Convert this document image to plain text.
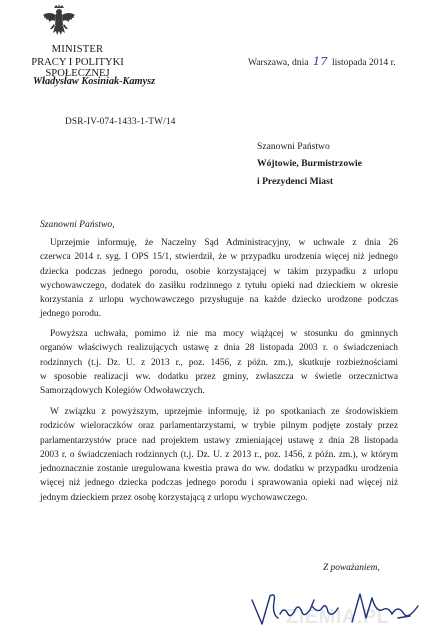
MINISTER
PRACY I POLITYKI SPOŁECZNEJ
Władysław Kosiniak-Kamysz
Warszawa, dnia 17 listopada 2014 r.
DSR-IV-074-1433-1-TW/14
Szanowni Państwo
Wójtowie, Burmistrzowie
i Prezydenci Miast
Szanowni Państwo,
Uprzejmie informuję, że Naczelny Sąd Administracyjny, w uchwale z dnia 26
czerwca 2014 r. syg. I OPS 15/1, stwierdził, że w przypadku urodzenia więcej niż jednego
dziecka podczas jednego porodu, osobie korzystającej w takim przypadku z urlopu
wychowawczego, dodatek do zasiłku rodzinnego z tytułu opieki nad dzieckiem w okresie
korzystania z urlopu wychowawczego przysługuje na każde dziecko urodzone podczas
jednego porodu.
Powyższa uchwała, pomimo iż nie ma mocy wiążącej w stosunku do gminnych
organów właściwych realizujących ustawę z dnia 28 listopada 2003 r. o świadczeniach
rodzinnych (t.j. Dz. U. z 2013 r., poz. 1456, z późn. zm.), skutkuje rozbieżnościami
w sposobie realizacji ww. dodatku przez gminy, zwłaszcza w świetle orzecznictwa
Samorządowych Kolegiów Odwoławczych.
W związku z powyższym, uprzejmie informuję, iż po spotkaniach ze środowiskiem
rodziców wieloraczków oraz parlamentarzystami, w trybie pilnym podjęte zostały przez
parlamentarzystów prace nad projektem ustawy zmieniającej ustawę z dnia 28 listopada
2003 r. o świadczeniach rodzinnych (t.j. Dz. U. z 2013 r., poz. 1456, z późn. zm.), w którym
jednoznacznie zostanie uregulowana kwestia prawa do ww. dodatku w przypadku urodzenia
więcej niż jednego dziecka podczas jednego porodu i sprawowania opieki nad więcej niż
jednym dzieckiem przez osobę korzystającą z urlopu wychowawczego.
Z poważaniem,
ZIEMIA.PL
